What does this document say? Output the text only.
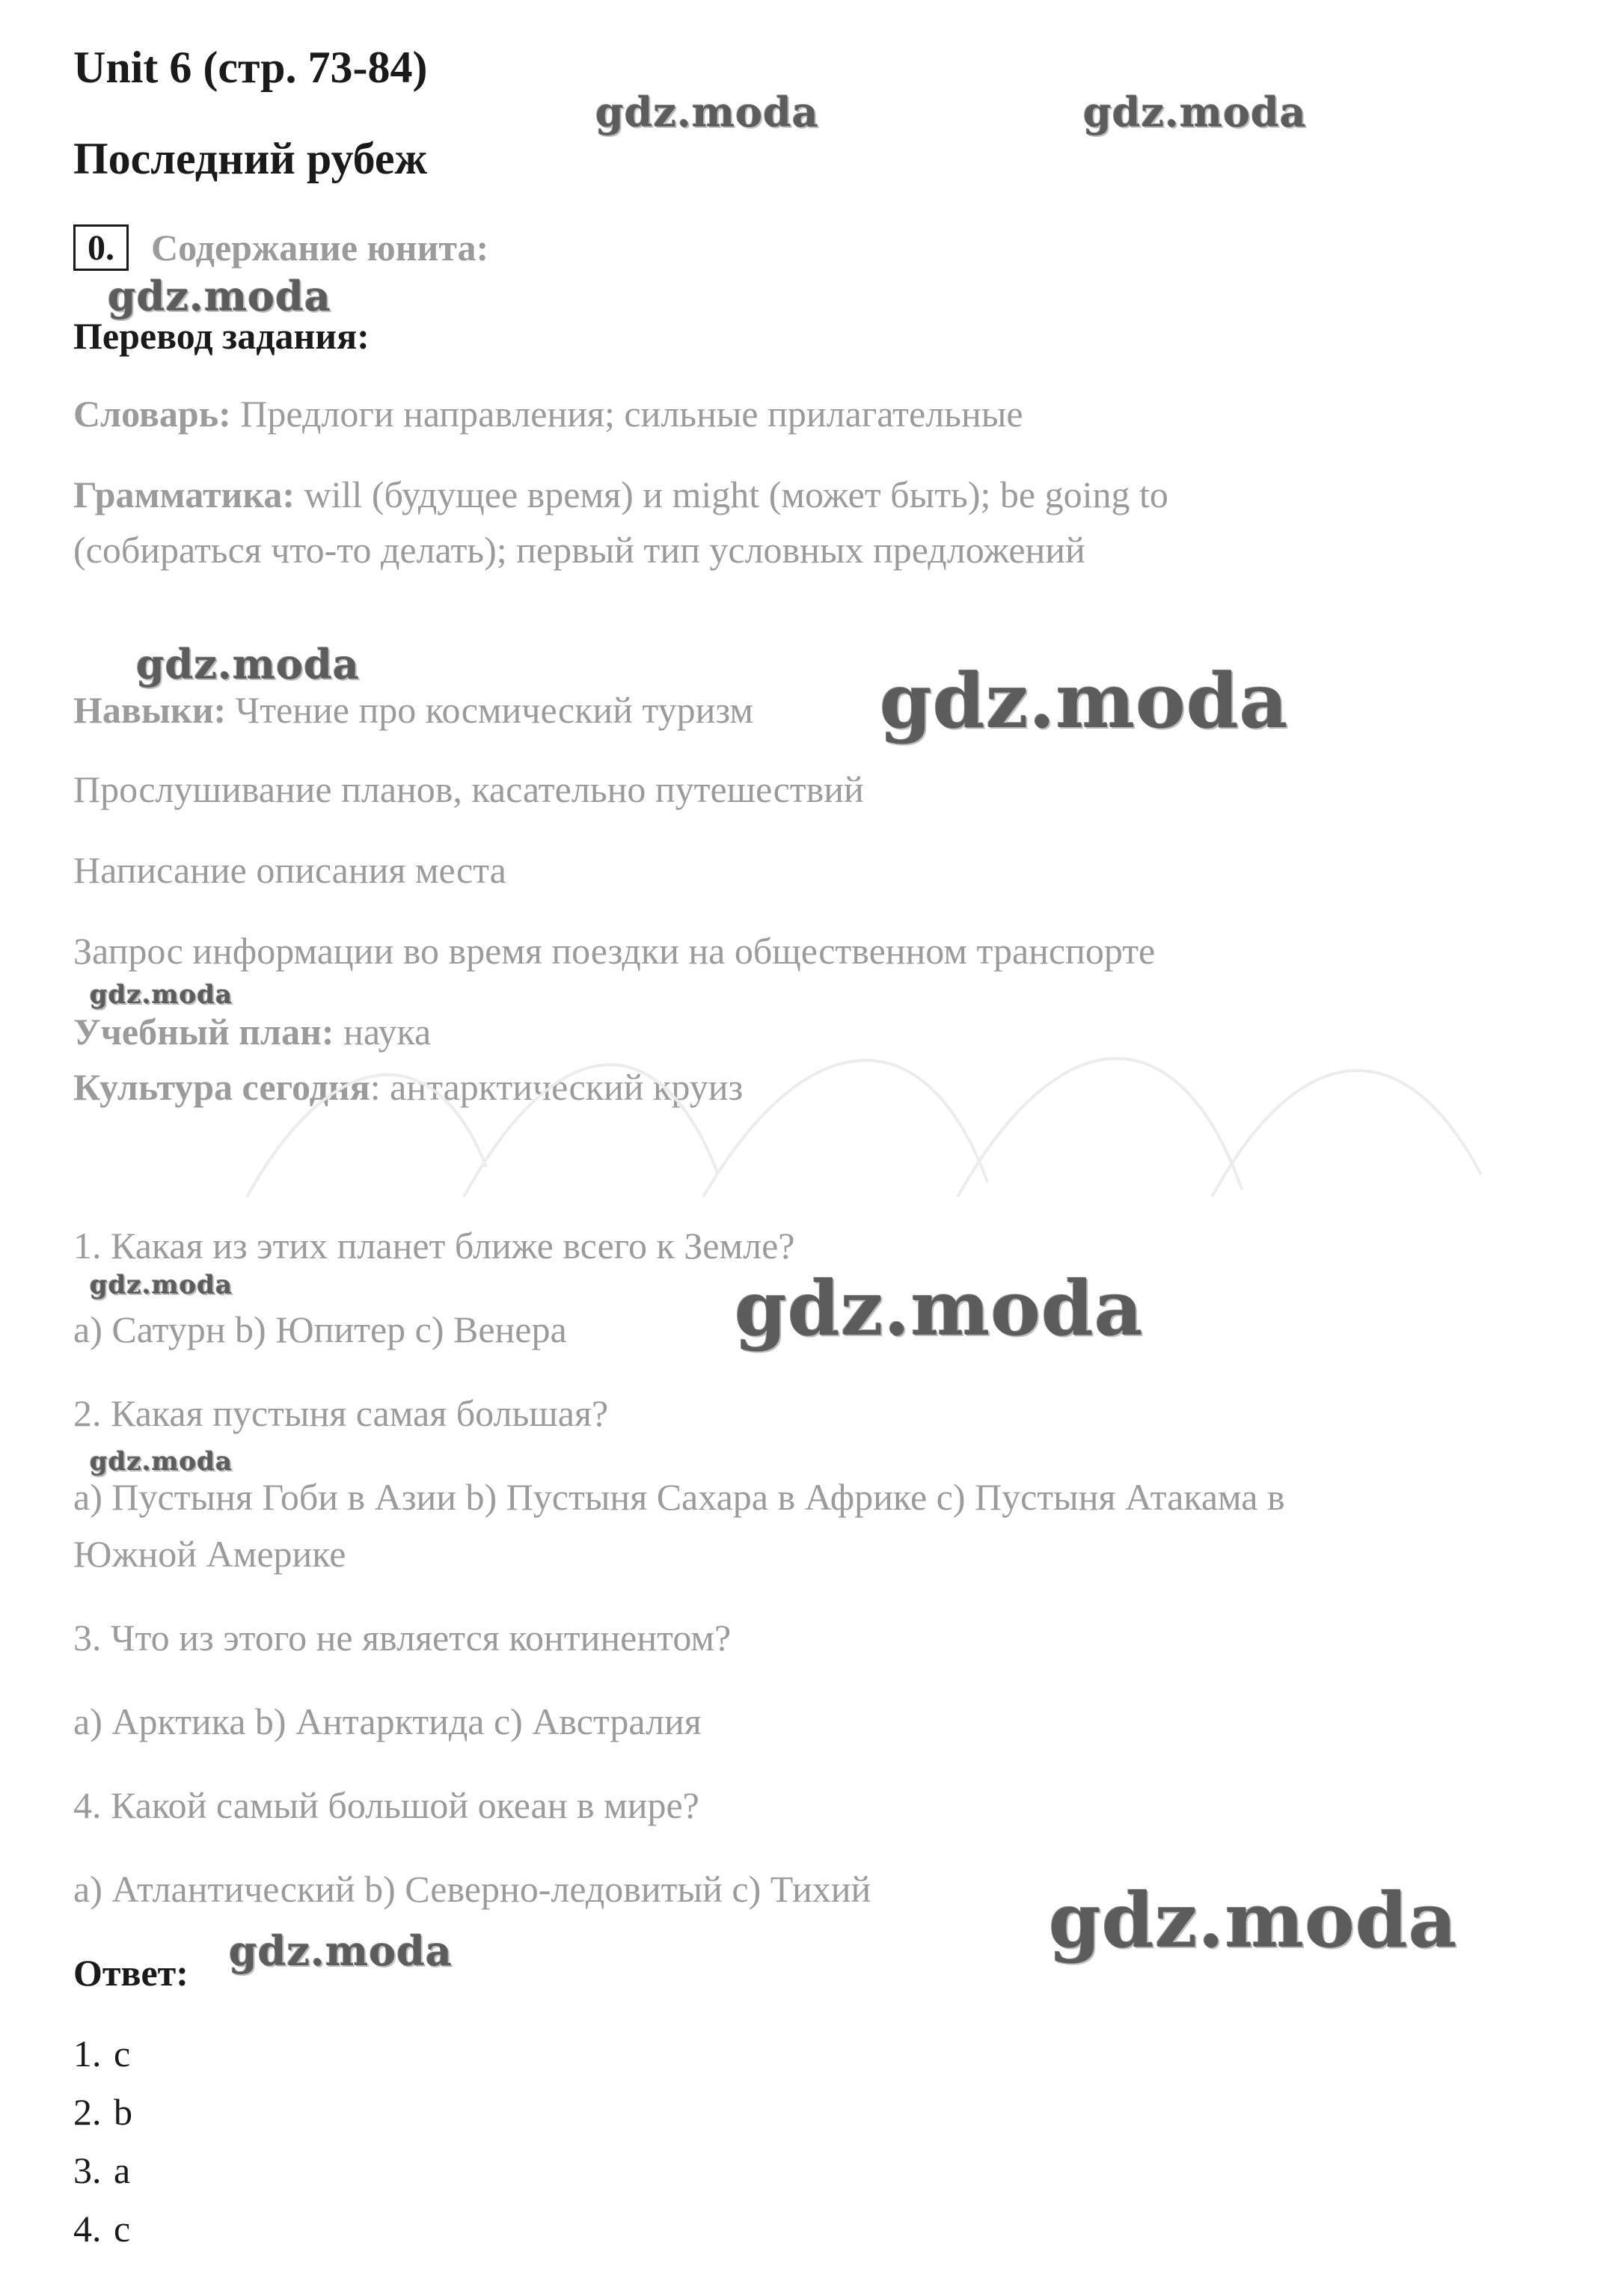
Unit 6 (стр. 73-84)
Последний рубеж
0. Содержание юнита:
Перевод задания:
Словарь: Предлоги направления; сильные прилагательные
Грамматика: will (будущее время) и might (может быть); be going to
(собираться что-то делать); первый тип условных предложений
Навыки: Чтение про космический туризм
Прослушивание планов, касательно путешествий
Написание описания места
Запрос информации во время поездки на общественном транспорте
Учебный план: наука
Культура сегодня: антарктический круиз
1. Какая из этих планет ближе всего к Земле?
a) Сатурн b) Юпитер c) Венера
2. Какая пустыня самая большая?
a) Пустыня Гоби в Азии b) Пустыня Сахара в Африке c) Пустыня Атакама в
Южной Америке
3. Что из этого не является континентом?
a) Арктика b) Антарктида c) Австралия
4. Какой самый большой океан в мире?
a) Атлантический b) Северно-ледовитый c) Тихий
Ответ:
1. c
2. b
3. a
4. c
gdz.moda	gdz.moda
gdz.moda
gdz.moda	gdz.moda
gdz.moda
gdz.moda	gdz.moda
gdz.moda
gdz.moda
gdz.moda
